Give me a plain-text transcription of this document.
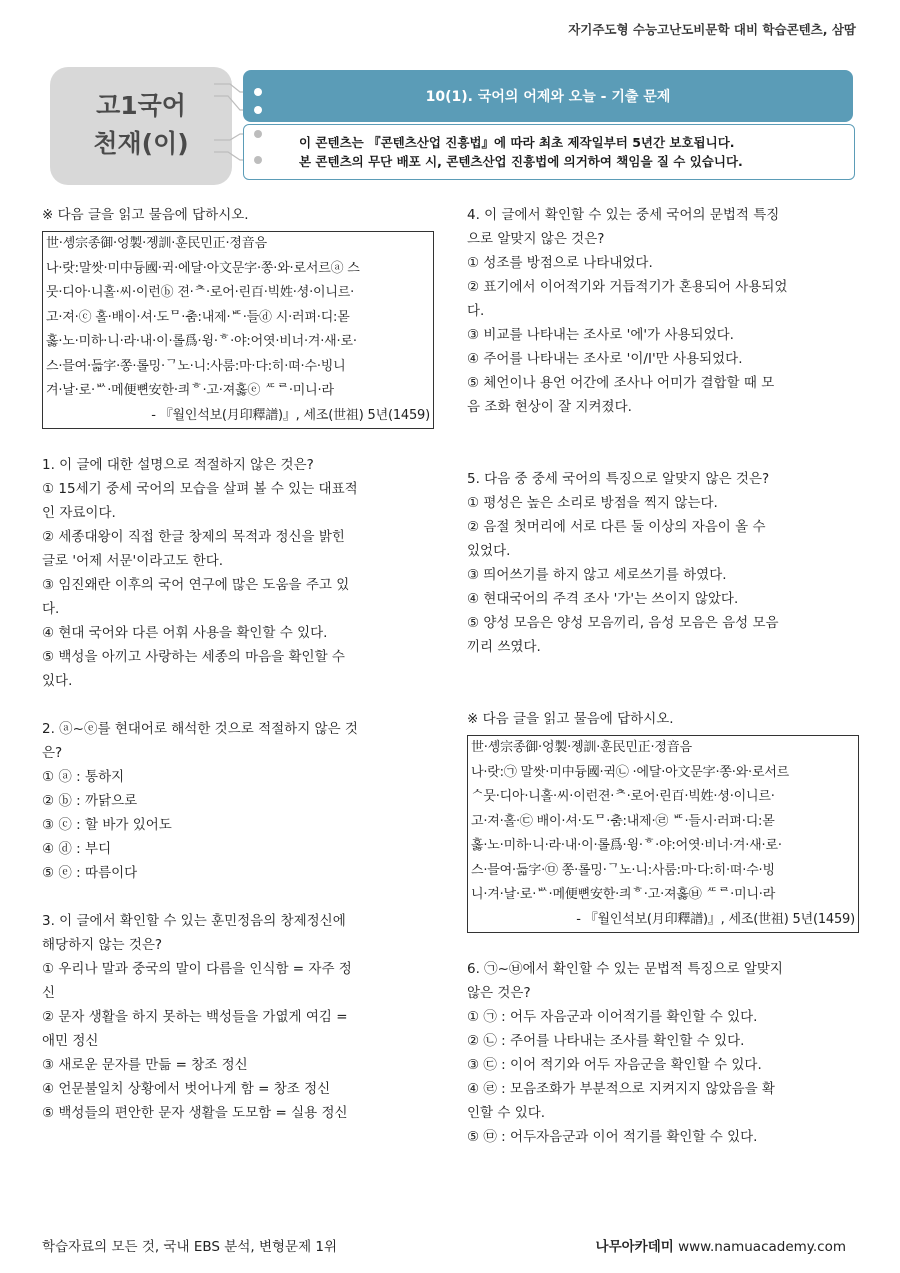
자기주도형 수능고난도비문학 대비 학습콘텐츠, 삼땀
고1국어
천재(이)
10(1). 국어의 어제와 오늘 - 기출 문제

이 콘텐츠는 『콘텐츠산업 진흥법』에 따라 최초 제작일부터 5년간 보호됩니다.

본 콘텐츠의 무단 배포 시, 콘텐츠산업 진흥법에 의거하여 책임을 질 수 있습니다.

※ 다음 글을 읽고 물음에 답하시오.

世·솅宗종御·엉製·졩訓·훈民민正·졍音음

나·랏:말쌋·미中듕國·귁·에달·아文문字·쫑·와·로서르ⓐ 스

뭇·디아·니홀·씨·이런ⓑ 젼·ᄎ·로어·린百·빅姓·셩·이니르·

고·져·ⓒ 홀·배이·셔·도ᄆ·춤:내제·ᄠ·들ⓓ 시·러펴·디:몯

홇·노·미하·니·라·내·이·롤爲·윙·ᄒ·야:어엿·비너·겨·새·로·

스·믈여·듧字·쫑·롤밍·ᄀ노·니:사룸:마·다:히·뗘·수·빙니

겨·날·로·ᄡ·메便뼌安한·킈ᄒ·고·져홇ⓔ ᄯᄅ·미니·라

- 『월인석보(月印釋譜)』, 세조(世祖) 5년(1459)

1. 이 글에 대한 설명으로 적절하지 않은 것은?

① 15세기 중세 국어의 모습을 살펴 볼 수 있는 대표적

인 자료이다.

② 세종대왕이 직접 한글 창제의 목적과 정신을 밝힌

글로 '어제 서문'이라고도 한다.

③ 임진왜란 이후의 국어 연구에 많은 도움을 주고 있

다.

④ 현대 국어와 다른 어휘 사용을 확인할 수 있다.

⑤ 백성을 아끼고 사랑하는 세종의 마음을 확인할 수

있다.

2. ⓐ~ⓔ를 현대어로 해석한 것으로 적절하지 않은 것

은?

① ⓐ : 통하지

② ⓑ : 까닭으로

③ ⓒ : 할 바가 있어도

④ ⓓ : 부디

⑤ ⓔ : 따름이다

3. 이 글에서 확인할 수 있는 훈민정음의 창제정신에

해당하지 않는 것은?

① 우리나 말과 중국의 말이 다름을 인식함 = 자주 정

신

② 문자 생활을 하지 못하는 백성들을 가엾게 여김 =

애민 정신

③ 새로운 문자를 만듦 = 창조 정신

④ 언문불일치 상황에서 벗어나게 함 = 창조 정신

⑤ 백성들의 편안한 문자 생활을 도모함 = 실용 정신

4. 이 글에서 확인할 수 있는 중세 국어의 문법적 특징

으로 알맞지 않은 것은?

① 성조를 방점으로 나타내었다.

② 표기에서 이어적기와 거듭적기가 혼용되어 사용되었

다.

③ 비교를 나타내는 조사로 '에'가 사용되었다.

④ 주어를 나타내는 조사로 '이/I'만 사용되었다.

⑤ 체언이나 용언 어간에 조사나 어미가 결합할 때 모

음 조화 현상이 잘 지켜졌다.

5. 다음 중 중세 국어의 특징으로 알맞지 않은 것은?

① 평성은 높은 소리로 방점을 찍지 않는다.

② 음절 첫머리에 서로 다른 둘 이상의 자음이 올 수

있었다.

③ 띄어쓰기를 하지 않고 세로쓰기를 하였다.

④ 현대국어의 주격 조사 '가'는 쓰이지 않았다.

⑤ 양성 모음은 양성 모음끼리, 음성 모음은 음성 모음

끼리 쓰였다.

※ 다음 글을 읽고 물음에 답하시오.

世·솅宗종御·엉製·졩訓·훈民민正·졍音음

나·랏:㉠ 말쌋·미中듕國·귁㉡ ·에달·아文문字·쫑·와·로서르

ᄉ뭇·디아·니홀·씨·이런젼·ᄎ·로어·린百·빅姓·셩·이니르·

고·져·홀·㉢ 배이·셔·도ᄆ·춤:내제·㉣ ᄠ·들시·러펴·디:몯

홇·노·미하·니·라·내·이·롤爲·윙·ᄒ·야:어엿·비너·겨·새·로·

스·믈여·듧字·㉤ 쫑·롤밍·ᄀ노·니:사룸:마·다:히·뗘·수·빙

니·겨·날·로·ᄡ·메便뼌安한·킈ᄒ·고·져홇㉥ ᄯᄅ·미니·라

- 『월인석보(月印釋譜)』, 세조(世祖) 5년(1459)

6. ㉠~㉥에서 확인할 수 있는 문법적 특징으로 알맞지

않은 것은?

① ㉠ : 어두 자음군과 이어적기를 확인할 수 있다.

② ㉡ : 주어를 나타내는 조사를 확인할 수 있다.

③ ㉢ : 이어 적기와 어두 자음군을 확인할 수 있다.

④ ㉣ : 모음조화가 부분적으로 지켜지지 않았음을 확

인할 수 있다.

⑤ ㉤ : 어두자음군과 이어 적기를 확인할 수 있다.

학습자료의 모든 것, 국내 EBS 분석, 변형문제 1위	나무아카데미 www.namuacademy.com
